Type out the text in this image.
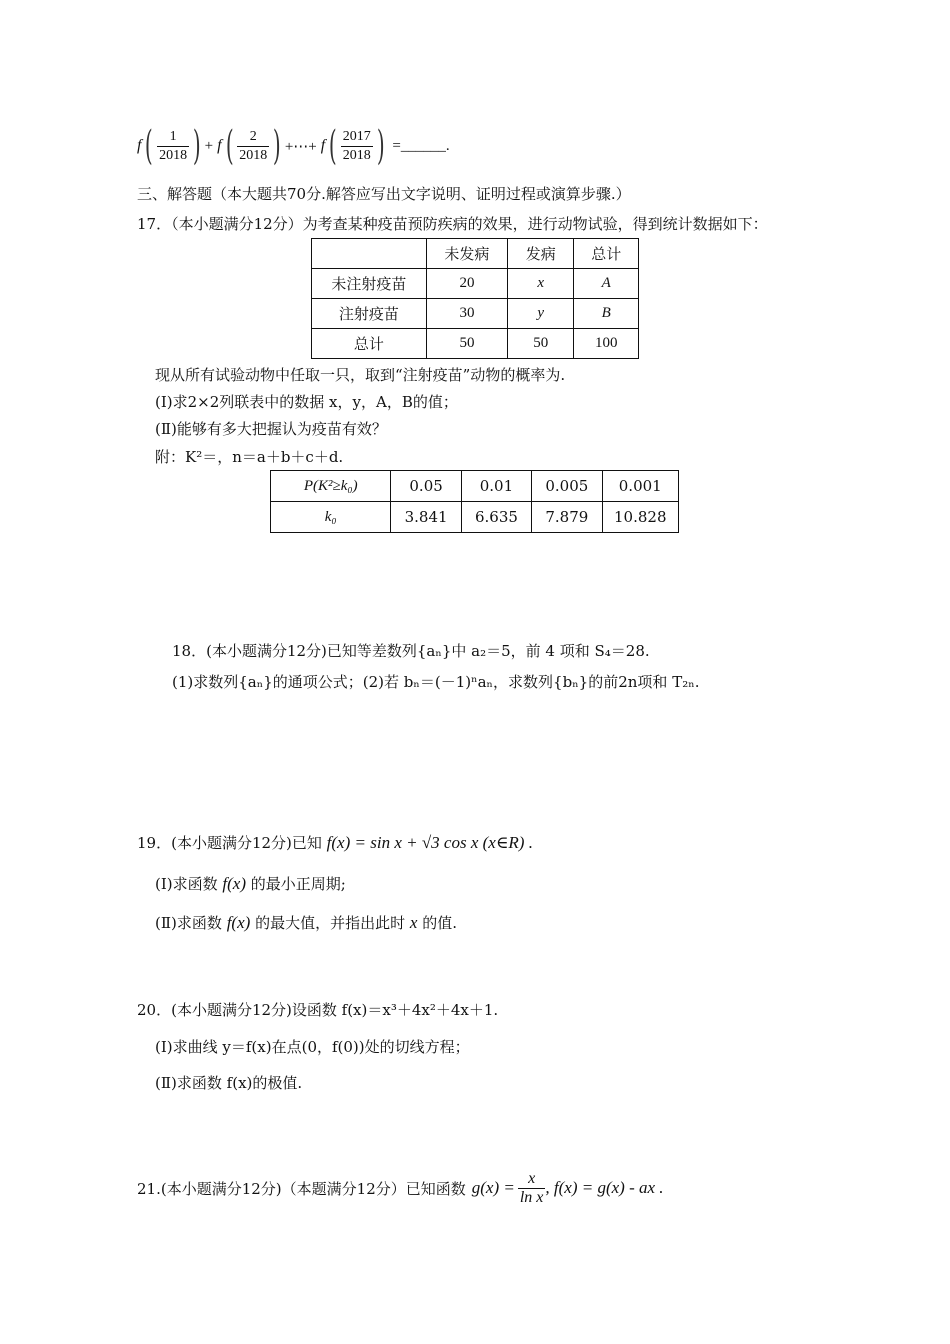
f ( $\frac{1}{2018}$ ) + f ( $\frac{2}{2018}$ ) +⋯+ f ( $\frac{2017}{2018}$ ) =______.
三、解答题（本大题共70分.解答应写出文字说明、证明过程或演算步骤.）
17．（本小题满分12分）为考查某种疫苗预防疾病的效果，进行动物试验，得到统计数据如下：
	未发病	发病	总计
未注射疫苗	20	x	A
注射疫苗	30	y	B
总计	50	50	100
现从所有试验动物中任取一只，取到“注射疫苗”动物的概率为.
(Ⅰ)求2×2列联表中的数据 x，y，A，B的值；
(Ⅱ)能够有多大把握认为疫苗有效？
附：K²＝，n＝a＋b＋c＋d.
P(K²≥k₀)	0.05	0.01	0.005	0.001
k₀	3.841	6.635	7.879	10.828
18．(本小题满分12分)已知等差数列{aₙ}中 a₂＝5，前 4 项和 S₄＝28.
(1)求数列{aₙ}的通项公式；(2)若 bₙ＝(－1)ⁿaₙ，求数列{bₙ}的前2n项和 T₂ₙ.
19．(本小题满分12分)已知 f(x) = sin x + √3 cos x (x∈R) .
(Ⅰ)求函数 f(x) 的最小正周期;
(Ⅱ)求函数 f(x) 的最大值，并指出此时 x 的值.
20．(本小题满分12分)设函数 f(x)＝x³＋4x²＋4x＋1.
(Ⅰ)求曲线 y＝f(x)在点(0，f(0))处的切线方程；
(Ⅱ)求函数 f(x)的极值.
21.(本小题满分12分)（本题满分12分）已知函数 $g(x) = \frac{x}{\text{ln x}}$ , f(x) = g(x) - ax .
